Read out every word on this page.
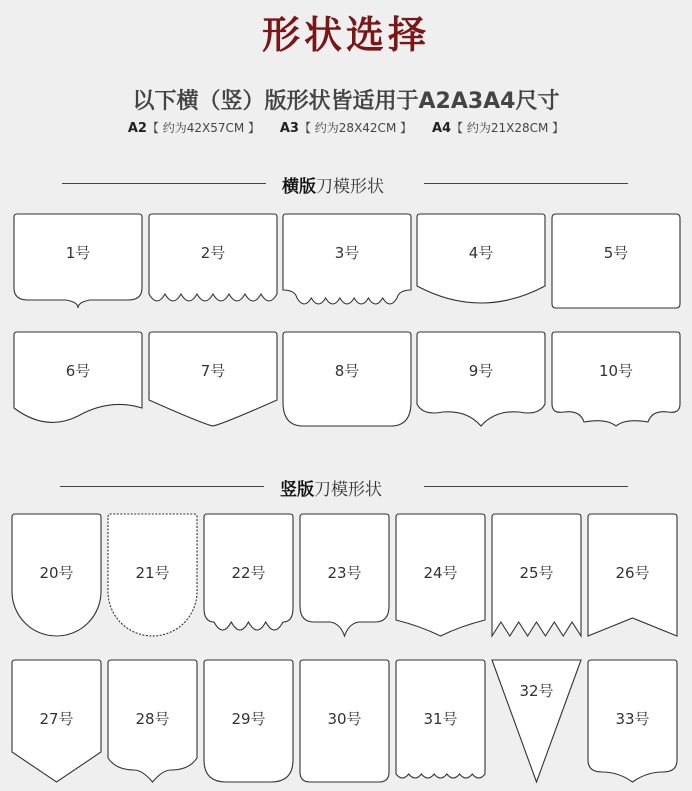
形状选择
以下横（竖）版形状皆适用于A2A3A4尺寸
A2【 约为42X57CM 】 A3【 约为28X42CM 】 A4【 约为21X28CM 】
横版刀模形状
竖版刀模形状
1号	2号	3号	4号	5号
6号	7号	8号	9号	10号
20号	21号	22号	23号	24号	25号	26号
27号	28号	29号	30号	31号
32号
33号
